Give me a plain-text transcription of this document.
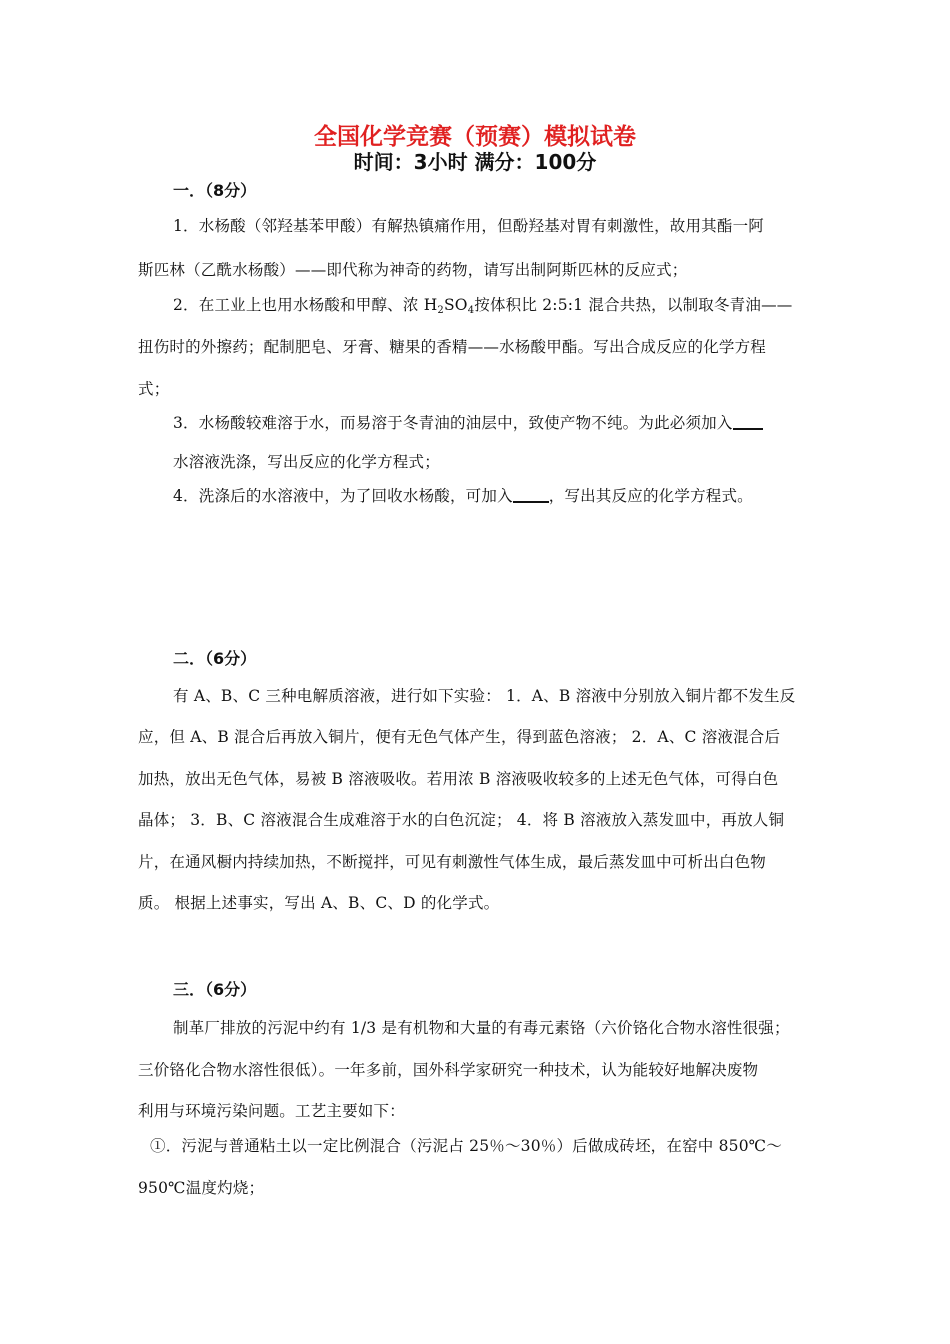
全国化学竞赛（预赛）模拟试卷
时间：3小时 满分：100分
一．（8分）
1．水杨酸（邻羟基苯甲酸）有解热镇痛作用，但酚羟基对胃有刺激性，故用其酯一阿
斯匹林（乙酰水杨酸）——即代称为神奇的药物，请写出制阿斯匹林的反应式；
2．在工业上也用水杨酸和甲醇、浓 $H_2SO_4$按体积比 2:5:1 混合共热，以制取冬青油——
扭伤时的外擦药；配制肥皂、牙膏、糖果的香精——水杨酸甲酯。写出合成反应的化学方程
式；
3．水杨酸较难溶于水，而易溶于冬青油的油层中，致使产物不纯。为此必须加入
水溶液洗涤，写出反应的化学方程式；
4．洗涤后的水溶液中，为了回收水杨酸，可加入 ，写出其反应的化学方程式。
二．（6分）
有 A、B、C 三种电解质溶液，进行如下实验： 1．A、B 溶液中分别放入铜片都不发生反
应，但 A、B 混合后再放入铜片，便有无色气体产生，得到蓝色溶液； 2．A、C 溶液混合后
加热，放出无色气体，易被 B 溶液吸收。若用浓 B 溶液吸收较多的上述无色气体，可得白色
晶体； 3．B、C 溶液混合生成难溶于水的白色沉淀； 4．将 B 溶液放入蒸发皿中，再放人铜
片，在通风橱内持续加热，不断搅拌，可见有刺激性气体生成，最后蒸发皿中可析出白色物
质。 根据上述事实，写出 A、B、C、D 的化学式。
三．（6分）
制革厂排放的污泥中约有 1/3 是有机物和大量的有毒元素铬（六价铬化合物水溶性很强；
三价铬化合物水溶性很低）。一年多前，国外科学家研究一种技术，认为能较好地解决废物
利用与环境污染问题。工艺主要如下：
①．污泥与普通粘土以一定比例混合（污泥占 25％～30％）后做成砖坯，在窑中 850℃～
950℃温度灼烧；
